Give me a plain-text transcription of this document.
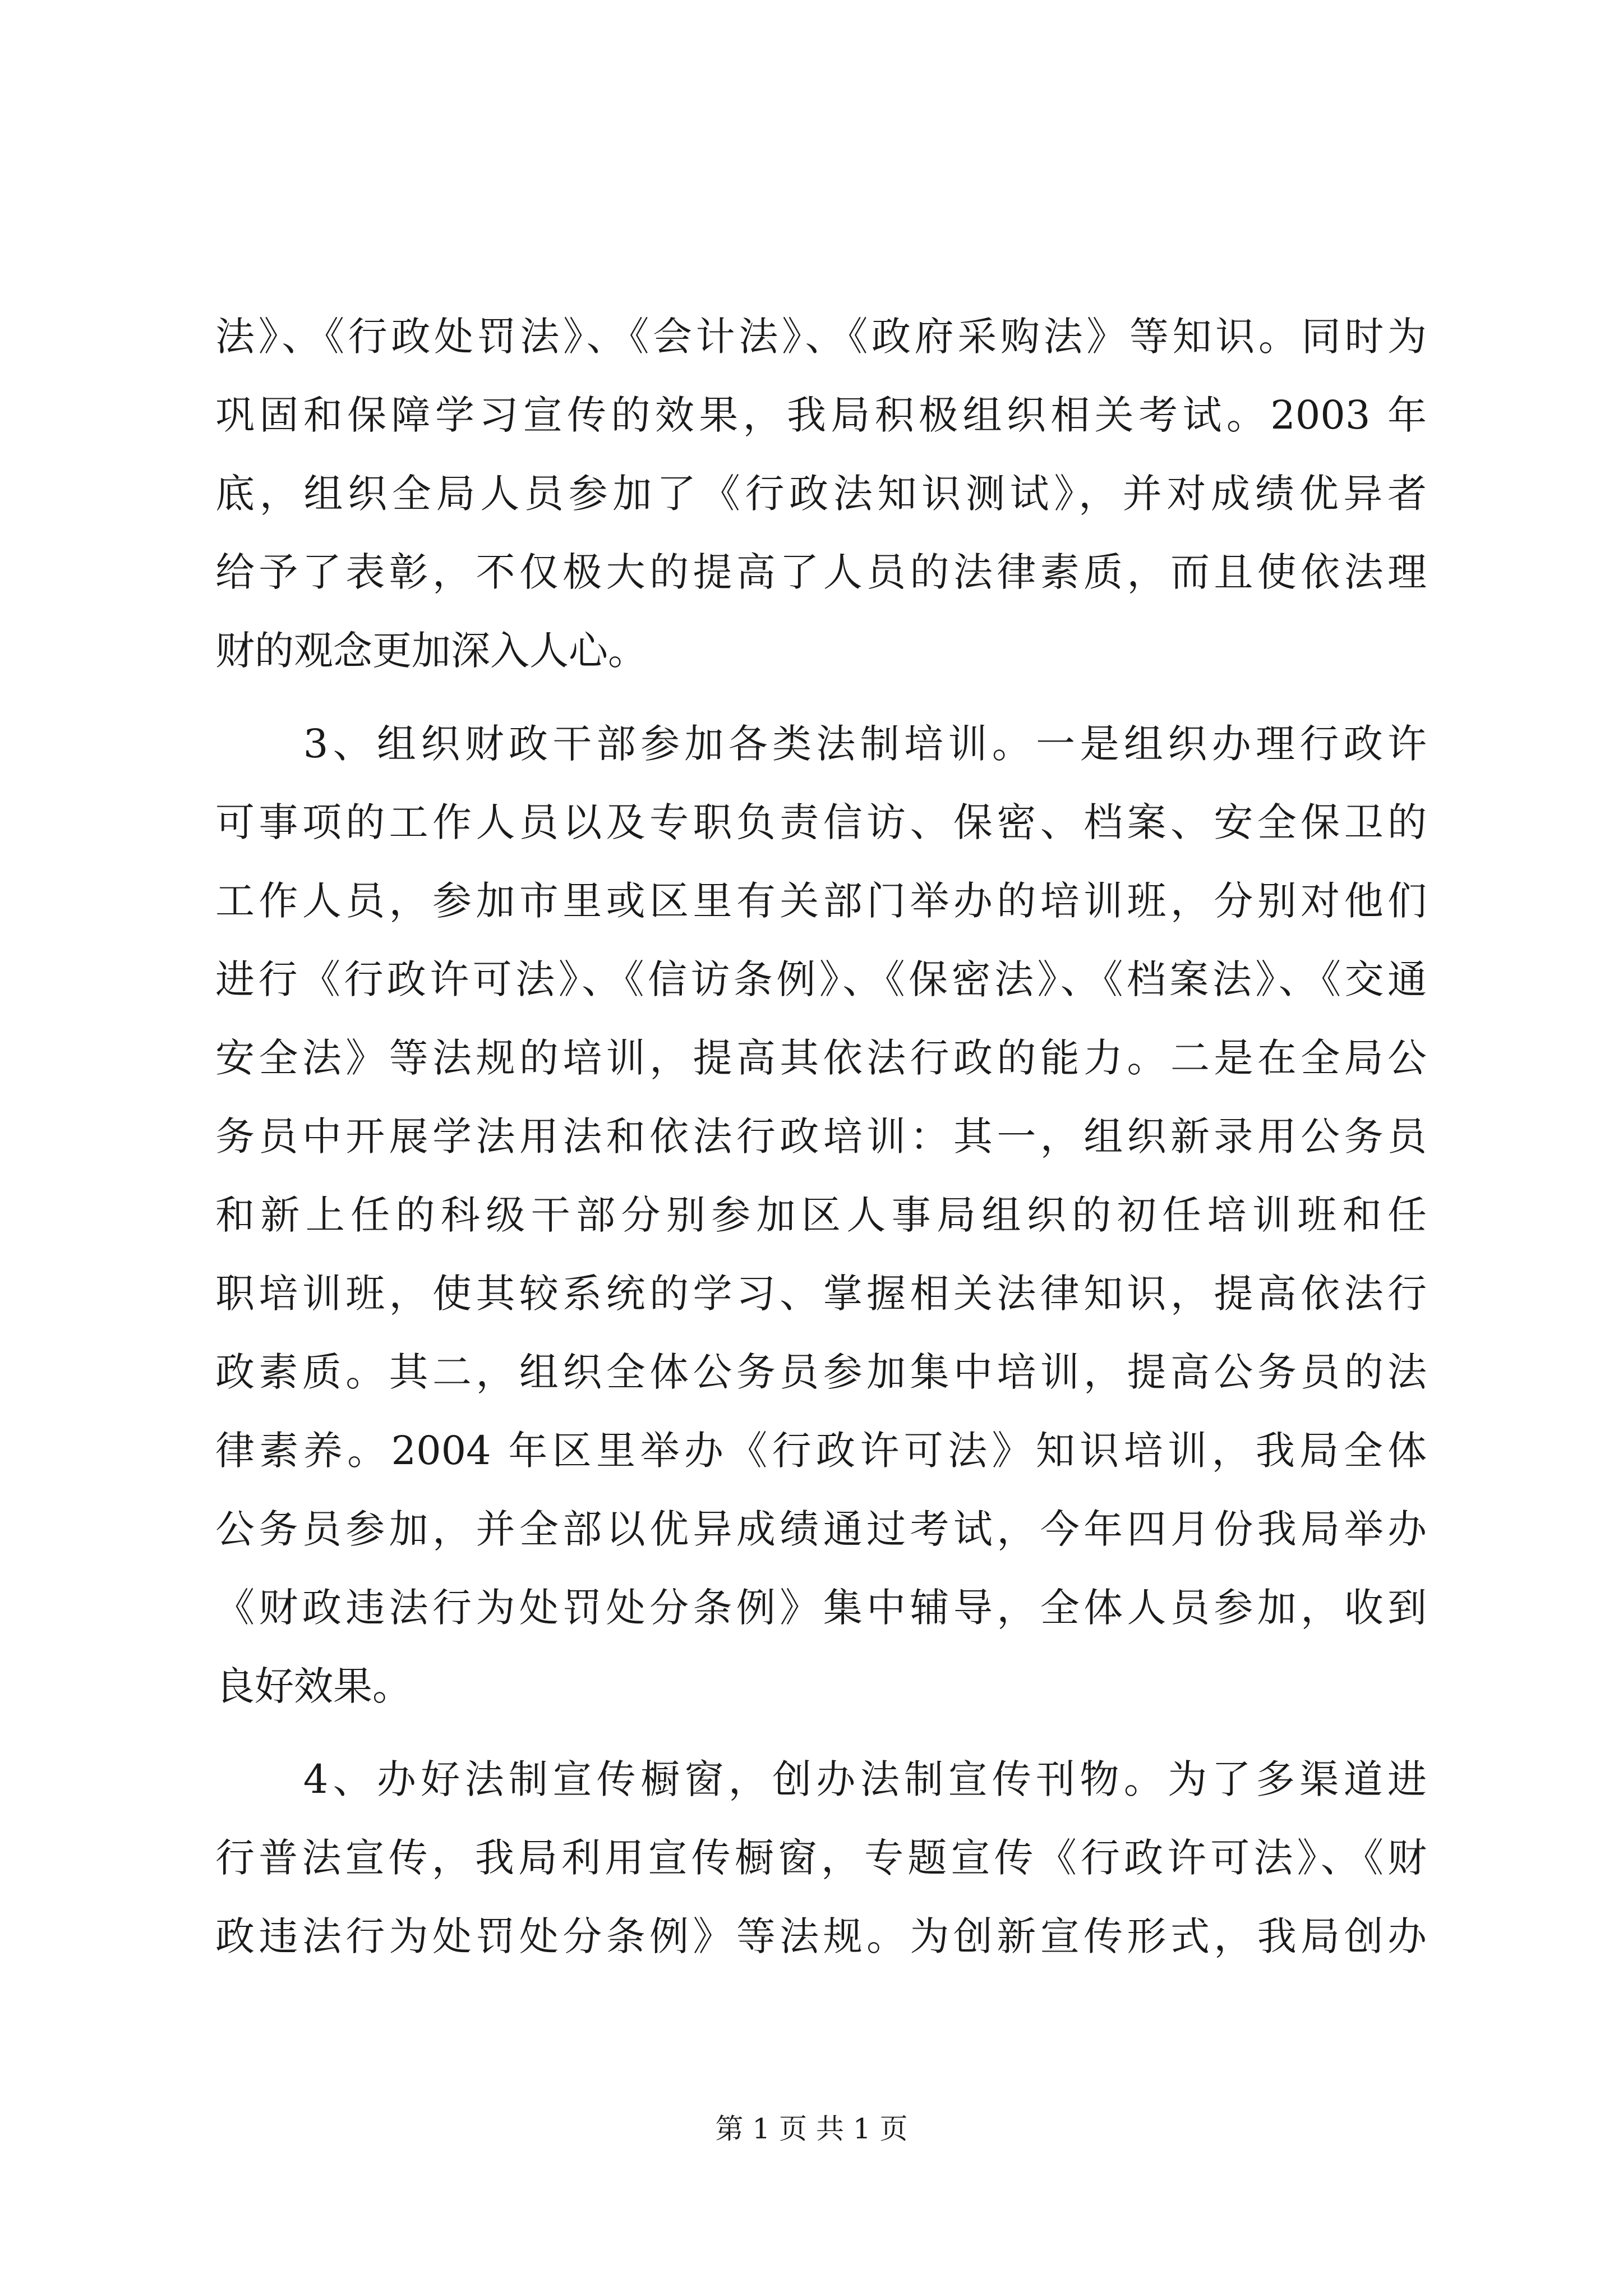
法》、《行政处罚法》、《会计法》、《政府采购法》等知识。同时为
巩固和保障学习宣传的效果，我局积极组织相关考试。2003 年
底，组织全局人员参加了《行政法知识测试》，并对成绩优异者
给予了表彰，不仅极大的提高了人员的法律素质，而且使依法理
财的观念更加深入人心。
　　3、组织财政干部参加各类法制培训。一是组织办理行政许
可事项的工作人员以及专职负责信访、保密、档案、安全保卫的
工作人员，参加市里或区里有关部门举办的培训班，分别对他们
进行《行政许可法》、《信访条例》、《保密法》、《档案法》、《交通
安全法》等法规的培训，提高其依法行政的能力。二是在全局公
务员中开展学法用法和依法行政培训：其一，组织新录用公务员
和新上任的科级干部分别参加区人事局组织的初任培训班和任
职培训班，使其较系统的学习、掌握相关法律知识，提高依法行
政素质。其二，组织全体公务员参加集中培训，提高公务员的法
律素养。2004 年区里举办《行政许可法》知识培训，我局全体
公务员参加，并全部以优异成绩通过考试，今年四月份我局举办
《财政违法行为处罚处分条例》集中辅导，全体人员参加，收到
良好效果。
　　4、办好法制宣传橱窗，创办法制宣传刊物。为了多渠道进
行普法宣传，我局利用宣传橱窗，专题宣传《行政许可法》、《财
政违法行为处罚处分条例》等法规。为创新宣传形式，我局创办
第 1 页 共 1 页
